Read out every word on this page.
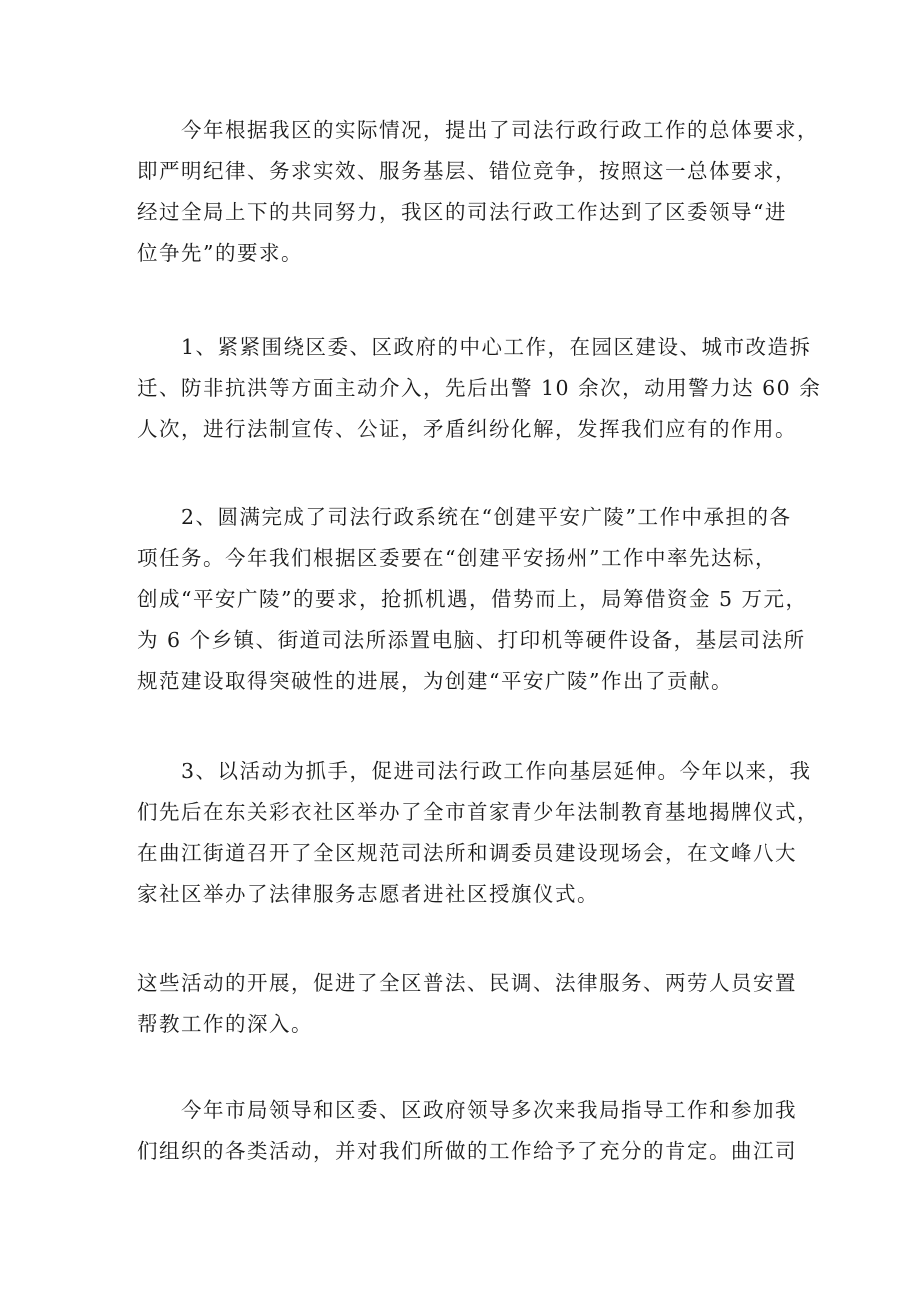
　　今年根据我区的实际情况，提出了司法行政行政工作的总体要求，
即严明纪律、务求实效、服务基层、错位竞争，按照这一总体要求，
经过全局上下的共同努力，我区的司法行政工作达到了区委领导“进
位争先”的要求。

　　1、紧紧围绕区委、区政府的中心工作，在园区建设、城市改造拆
迁、防非抗洪等方面主动介入，先后出警 10 余次，动用警力达 60 余
人次，进行法制宣传、公证，矛盾纠纷化解，发挥我们应有的作用。

　　2、圆满完成了司法行政系统在“创建平安广陵”工作中承担的各
项任务。今年我们根据区委要在“创建平安扬州”工作中率先达标，
创成“平安广陵”的要求，抢抓机遇，借势而上，局筹借资金 5 万元，
为 6 个乡镇、街道司法所添置电脑、打印机等硬件设备，基层司法所
规范建设取得突破性的进展，为创建“平安广陵”作出了贡献。

　　3、以活动为抓手，促进司法行政工作向基层延伸。今年以来，我
们先后在东关彩衣社区举办了全市首家青少年法制教育基地揭牌仪式，
在曲江街道召开了全区规范司法所和调委员建设现场会，在文峰八大
家社区举办了法律服务志愿者进社区授旗仪式。

这些活动的开展，促进了全区普法、民调、法律服务、两劳人员安置
帮教工作的深入。

　　今年市局领导和区委、区政府领导多次来我局指导工作和参加我
们组织的各类活动，并对我们所做的工作给予了充分的肯定。曲江司
